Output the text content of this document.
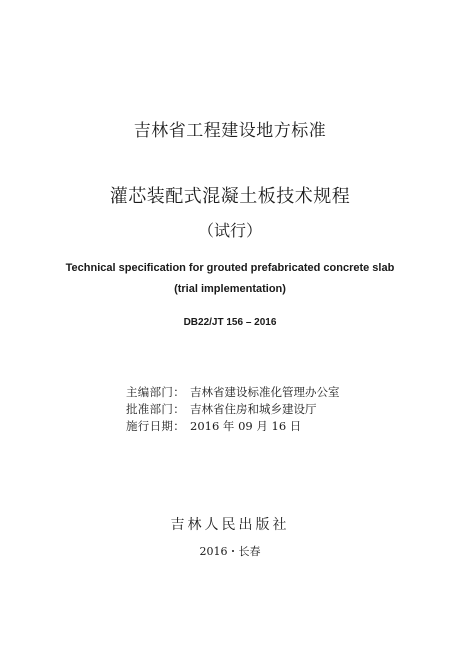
吉林省工程建设地方标准
灌芯装配式混凝土板技术规程
（试行）
Technical specification for grouted prefabricated concrete slab
(trial implementation)
DB22/JT 156 – 2016
主编部门： 吉林省建设标准化管理办公室
批准部门： 吉林省住房和城乡建设厅
施行日期： 2016 年 09 月 16 日
吉林人民出版社
2016・长春
